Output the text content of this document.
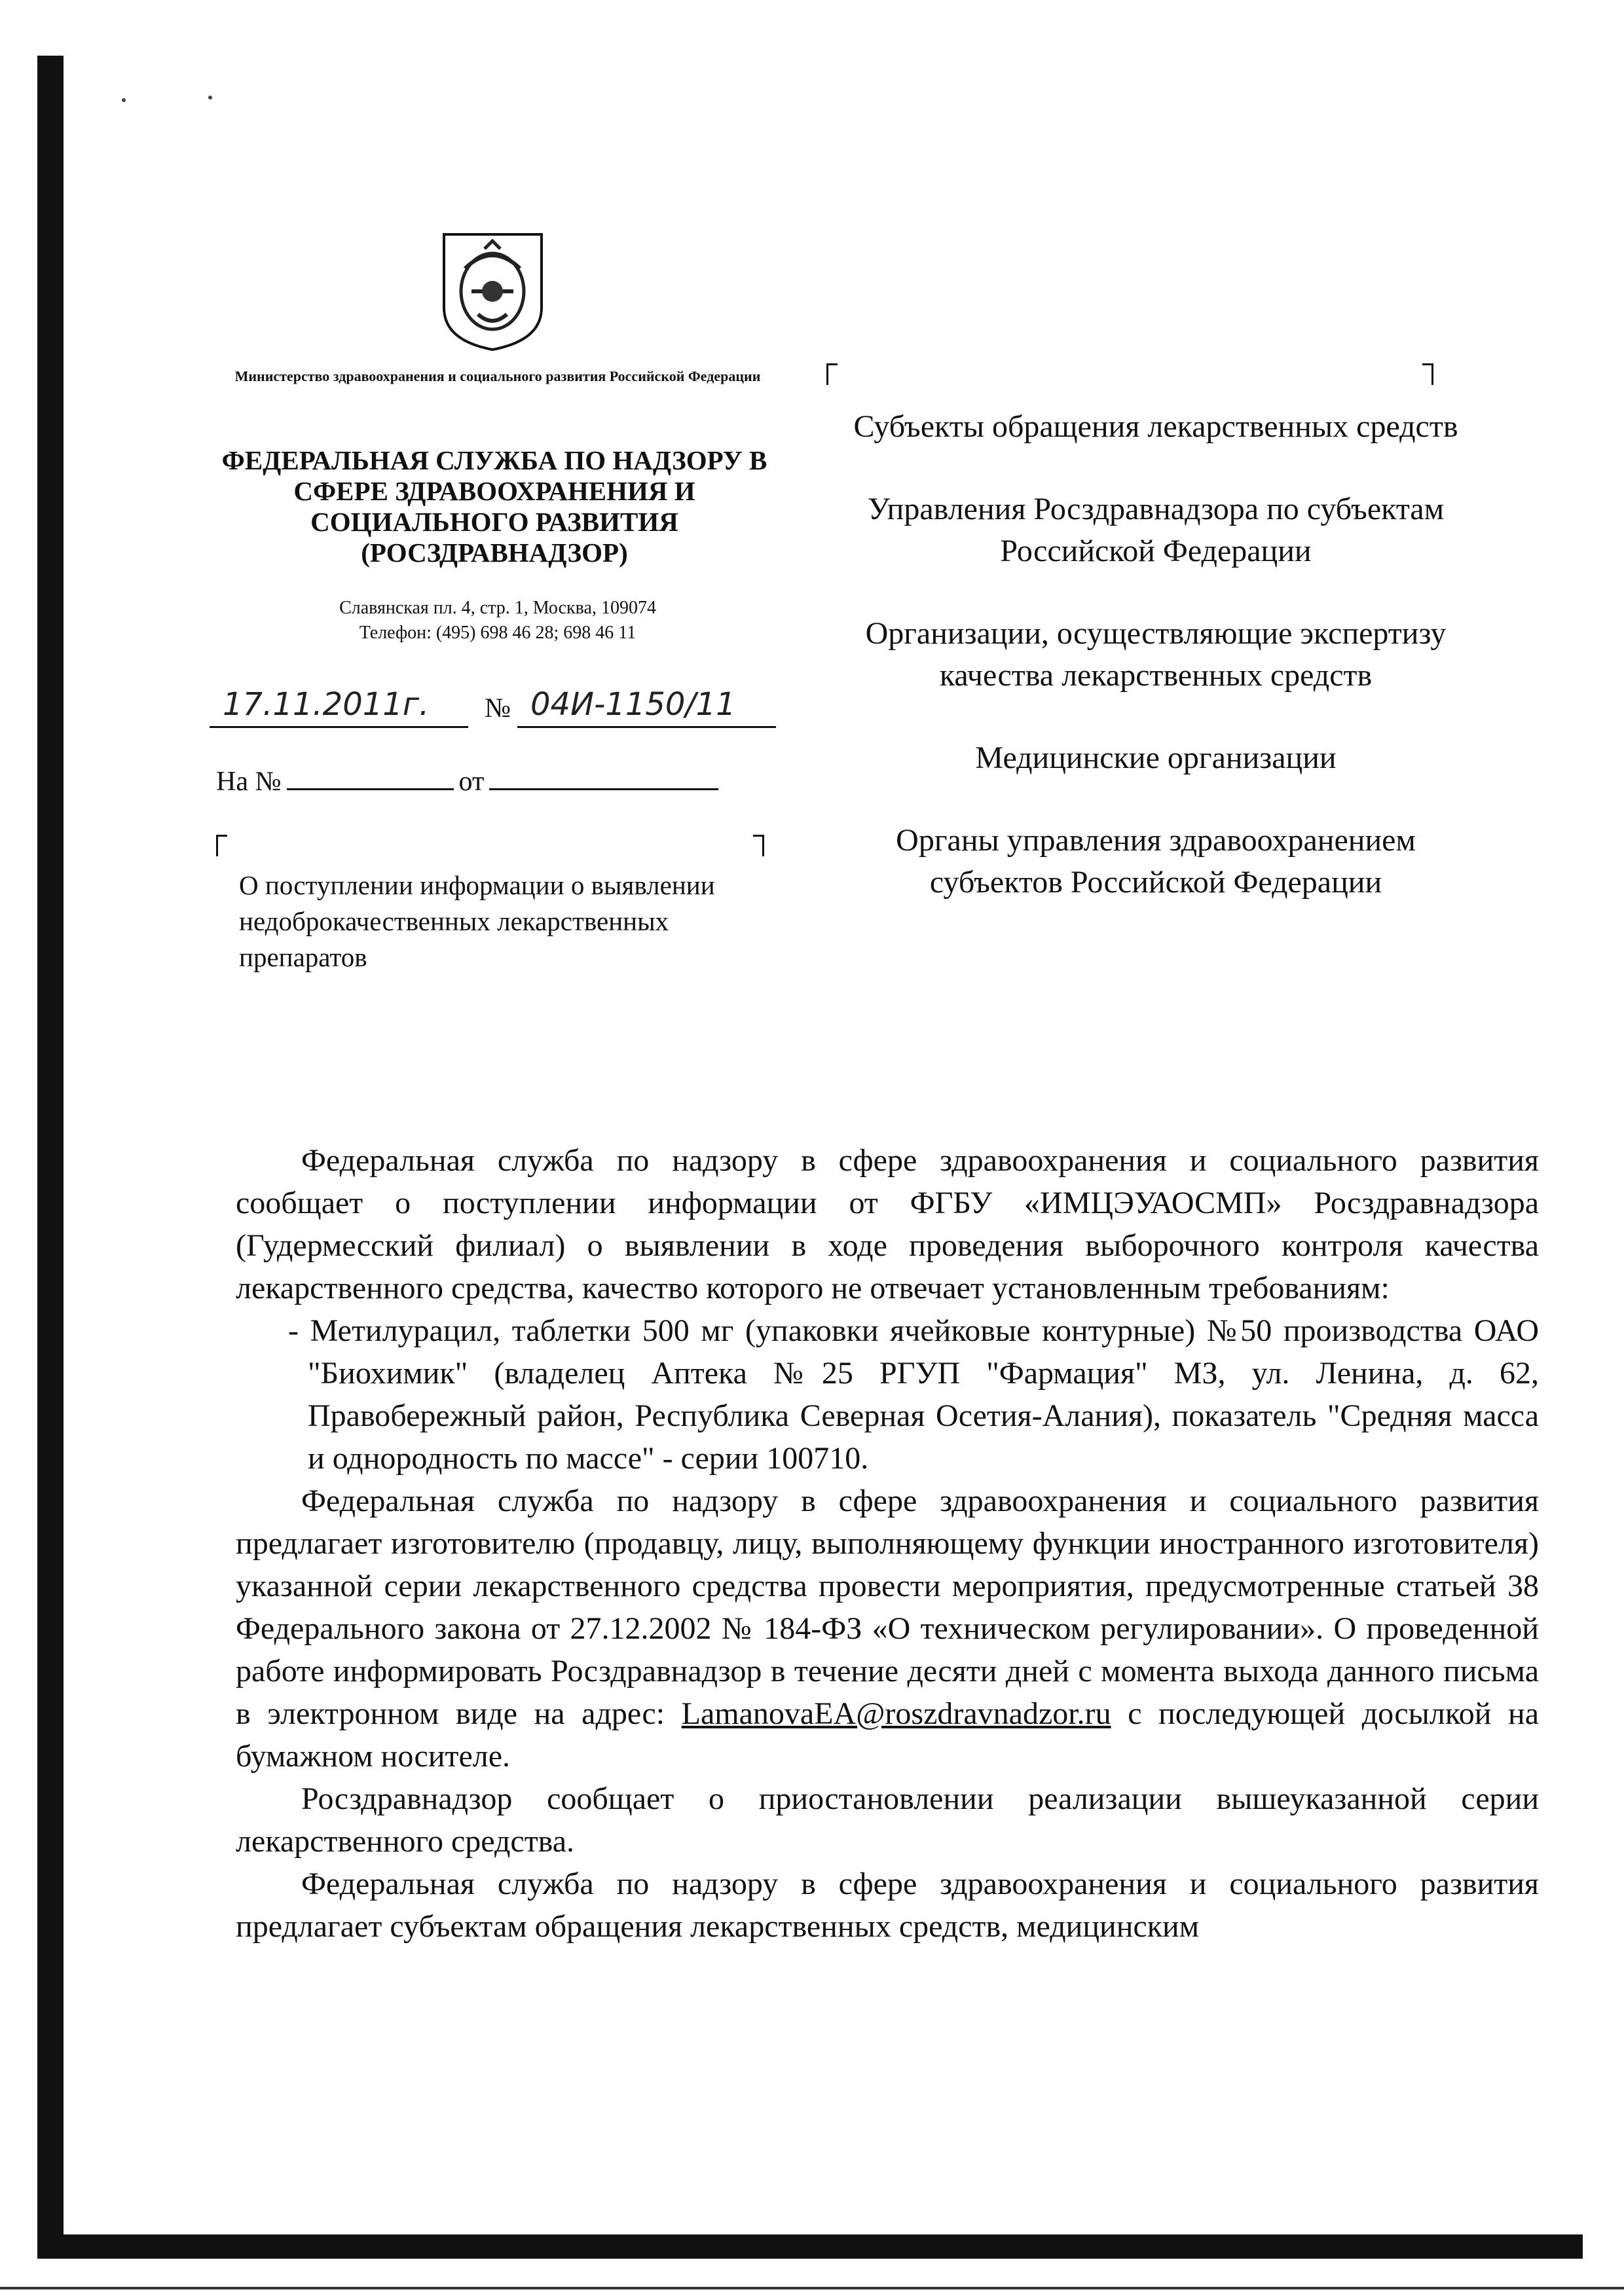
Министерство здравоохранения и социального развития Российской Федерации
ФЕДЕРАЛЬНАЯ СЛУЖБА ПО НАДЗОРУ В СФЕРЕ ЗДРАВООХРАНЕНИЯ И СОЦИАЛЬНОГО РАЗВИТИЯ (РОСЗДРАВНАДЗОР)
Славянская пл. 4, стр. 1, Москва, 109074
Телефон: (495) 698 46 28; 698 46 11
17.11.2011г.	№ 04И-1150/11
На №	от
О поступлении информации о выявлении недоброкачественных лекарственных препаратов
Субъекты обращения лекарственных средств
Управления Росздравнадзора по субъектам Российской Федерации
Организации, осуществляющие экспертизу качества лекарственных средств
Медицинские организации
Органы управления здравоохранением субъектов Российской Федерации

Федеральная служба по надзору в сфере здравоохранения и социального развития сообщает о поступлении информации от ФГБУ «ИМЦЭУАОСМП» Росздравнадзора (Гудермесский филиал) о выявлении в ходе проведения выборочного контроля качества лекарственного средства, качество которого не отвечает установленным требованиям:

- Метилурацил, таблетки 500 мг (упаковки ячейковые контурные) №50 производства ОАО "Биохимик" (владелец Аптека №25 РГУП "Фармация" МЗ, ул. Ленина, д. 62, Правобережный район, Республика Северная Осетия-Алания), показатель "Средняя масса и однородность по массе" - серии 100710.

Федеральная служба по надзору в сфере здравоохранения и социального развития предлагает изготовителю (продавцу, лицу, выполняющему функции иностранного изготовителя) указанной серии лекарственного средства провести мероприятия, предусмотренные статьей 38 Федерального закона от 27.12.2002 № 184-ФЗ «О техническом регулировании». О проведенной работе информировать Росздравнадзор в течение десяти дней с момента выхода данного письма в электронном виде на адрес: LamanovaEA@roszdravnadzor.ru с последующей досылкой на бумажном носителе.

Росздравнадзор сообщает о приостановлении реализации вышеуказанной серии лекарственного средства.

Федеральная служба по надзору в сфере здравоохранения и социального развития предлагает субъектам обращения лекарственных средств, медицинским
